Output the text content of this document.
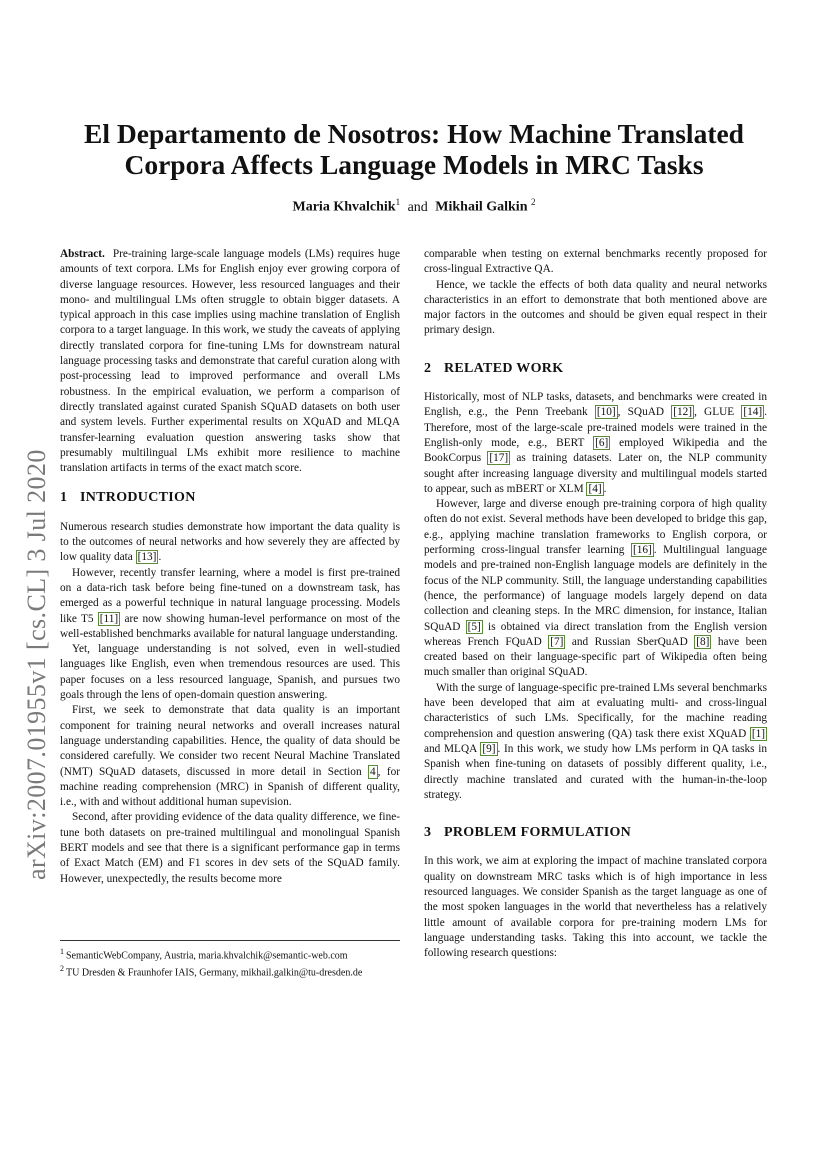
arXiv:2007.01955v1 [cs.CL] 3 Jul 2020
El Departamento de Nosotros: How Machine Translated Corpora Affects Language Models in MRC Tasks
Maria Khvalchik$^1$ and Mikhail Galkin $^2$

Abstract. Pre-training large-scale language models (LMs) requires huge amounts of text corpora. LMs for English enjoy ever growing corpora of diverse language resources. However, less resourced languages and their mono- and multilingual LMs often struggle to obtain bigger datasets. A typical approach in this case implies using machine translation of English corpora to a target language. In this work, we study the caveats of applying directly translated corpora for fine-tuning LMs for downstream natural language processing tasks and demonstrate that careful curation along with post-processing lead to improved performance and overall LMs robustness. In the empirical evaluation, we perform a comparison of directly translated against curated Spanish SQuAD datasets on both user and system levels. Further experimental results on XQuAD and MLQA transfer-learning evaluation question answering tasks show that presumably multilingual LMs exhibit more resilience to machine translation artifacts in terms of the exact match score.

1 INTRODUCTION

Numerous research studies demonstrate how important the data quality is to the outcomes of neural networks and how severely they are affected by low quality data [13] .

However, recently transfer learning, where a model is first pre-trained on a data-rich task before being fine-tuned on a downstream task, has emerged as a powerful technique in natural language processing. Models like T5 [11] are now showing human-level performance on most of the well-established benchmarks available for natural language understanding.

Yet, language understanding is not solved, even in well-studied languages like English, even when tremendous resources are used. This paper focuses on a less resourced language, Spanish, and pursues two goals through the lens of open-domain question answering.

First, we seek to demonstrate that data quality is an important component for training neural networks and overall increases natural language understanding capabilities. Hence, the quality of data should be considered carefully. We consider two recent Neural Machine Translated (NMT) SQuAD datasets, discussed in more detail in Section 4 , for machine reading comprehension (MRC) in Spanish of different quality, i.e., with and without additional human supevision.

Second, after providing evidence of the data quality difference, we fine-tune both datasets on pre-trained multilingual and monolingual Spanish BERT models and see that there is a significant performance gap in terms of Exact Match (EM) and F1 scores in dev sets of the SQuAD family. However, unexpectedly, the results become more

comparable when testing on external benchmarks recently proposed for cross-lingual Extractive QA.

Hence, we tackle the effects of both data quality and neural networks characteristics in an effort to demonstrate that both mentioned above are major factors in the outcomes and should be given equal respect in their primary design.

2 RELATED WORK

Historically, most of NLP tasks, datasets, and benchmarks were created in English, e.g., the Penn Treebank [10] , SQuAD [12] , GLUE [14] . Therefore, most of the large-scale pre-trained models were trained in the English-only mode, e.g., BERT [6] employed Wikipedia and the BookCorpus [17] as training datasets. Later on, the NLP community sought after increasing language diversity and multilingual models started to appear, such as mBERT or XLM [4] .

However, large and diverse enough pre-training corpora of high quality often do not exist. Several methods have been developed to bridge this gap, e.g., applying machine translation frameworks to English corpora, or performing cross-lingual transfer learning [16] . Multilingual language models and pre-trained non-English language models are definitely in the focus of the NLP community. Still, the language understanding capabilities (hence, the performance) of language models largely depend on data collection and cleaning steps. In the MRC dimension, for instance, Italian SQuAD [5] is obtained via direct translation from the English version whereas French FQuAD [7] and Russian SberQuAD [8] have been created based on their language-specific part of Wikipedia often being much smaller than original SQuAD.

With the surge of language-specific pre-trained LMs several benchmarks have been developed that aim at evaluating multi- and cross-lingual characteristics of such LMs. Specifically, for the machine reading comprehension and question answering (QA) task there exist XQuAD [1] and MLQA [9] . In this work, we study how LMs perform in QA tasks in Spanish when fine-tuning on datasets of possibly different quality, i.e., directly machine translated and curated with the human-in-the-loop strategy.

3 PROBLEM FORMULATION

In this work, we aim at exploring the impact of machine translated corpora quality on downstream MRC tasks which is of high importance in less resourced languages. We consider Spanish as the target language as one of the most spoken languages in the world that nevertheless has a relatively little amount of available corpora for pre-training modern LMs for language understanding tasks. Taking this into account, we tackle the following research questions:

$^1$ SemanticWebCompany, Austria, maria.khvalchik@semantic-web.com
$^2$ TU Dresden & Fraunhofer IAIS, Germany, mikhail.galkin@tu-dresden.de
